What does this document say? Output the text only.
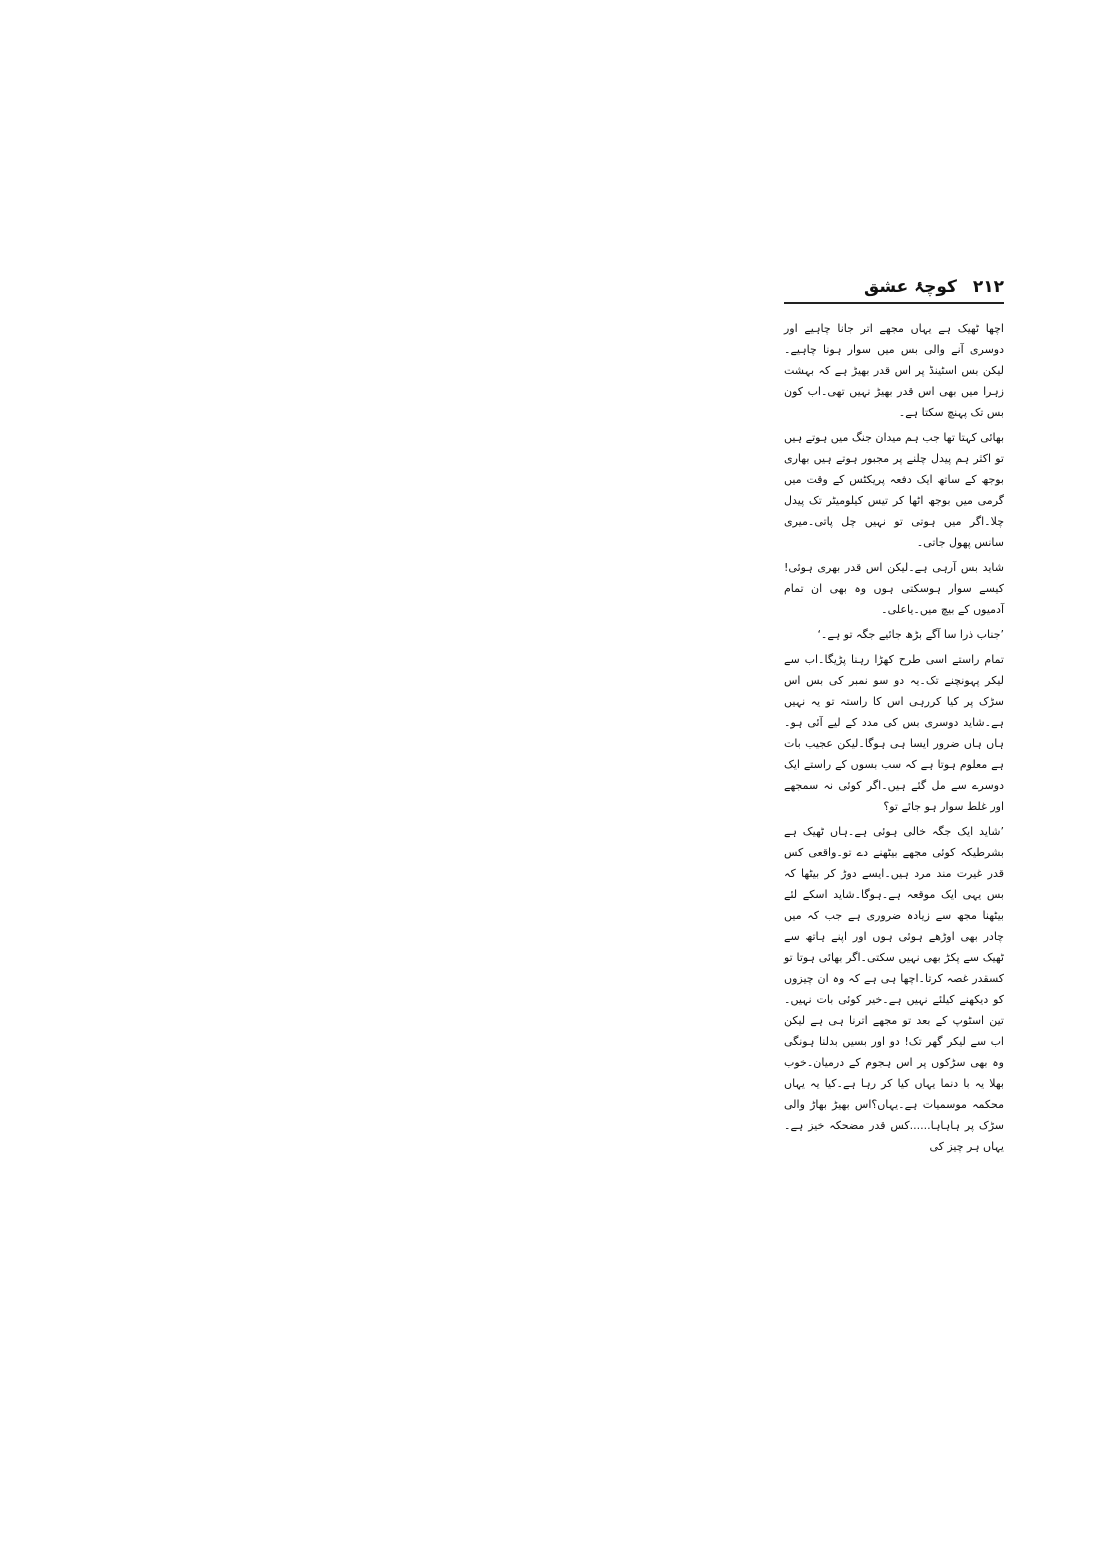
۲۱۲ کوچۂ عشق

اچھا ٹھیک ہے یہاں مجھے اتر جانا چاہیے اور دوسری آنے والی بس میں سوار ہونا چاہیے۔لیکن بس اسٹینڈ پر اس قدر بھیڑ ہے کہ بہشت زہرا میں بھی اس قدر بھیڑ نہیں تھی۔اب کون بس تک پہنچ سکتا ہے۔

بھائی کہتا تھا جب ہم میدان جنگ میں ہوتے ہیں تو اکثر ہم پیدل چلنے پر مجبور ہوتے ہیں بھاری بوجھ کے ساتھ ایک دفعہ پریکٹس کے وقت میں گرمی میں بوجھ اٹھا کر تیس کیلومیٹر تک پیدل چلا۔اگر میں ہوتی تو نہیں چل پاتی۔میری سانس پھول جاتی۔

شاید بس آرہی ہے۔لیکن اس قدر بھری ہوئی! کیسے سوار ہوسکتی ہوں وہ بھی ان تمام آدمیوں کے بیچ میں۔یاعلی۔

’جناب ذرا سا آگے بڑھ جائیے جگہ تو ہے۔‘

تمام راستے اسی طرح کھڑا رہنا پڑیگا۔اب سے لیکر پہونچنے تک۔یہ دو سو نمبر کی بس اس سڑک پر کیا کررہی اس کا راستہ تو یہ نہیں ہے۔شاید دوسری بس کی مدد کے لیے آئی ہو۔ہاں ہاں ضرور ایسا ہی ہوگا۔لیکن عجیب بات ہے معلوم ہوتا ہے کہ سب بسوں کے راستے ایک دوسرے سے مل گئے ہیں۔اگر کوئی نہ سمجھے اور غلط سوار ہو جائے تو؟

’شاید ایک جگہ خالی ہوئی ہے۔ہاں ٹھیک ہے بشرطیکہ کوئی مجھے بیٹھنے دے تو۔واقعی کس قدر غیرت مند مرد ہیں۔ایسے دوڑ کر بیٹھا کہ بس یہی ایک موقعہ ہے۔ہوگا۔شاید اسکے لئے بیٹھنا مجھ سے زیادہ ضروری ہے جب کہ میں چادر بھی اوڑھے ہوئی ہوں اور اپنے ہاتھ سے ٹھیک سے پکڑ بھی نہیں سکتی۔اگر بھائی ہوتا تو کسقدر غصہ کرتا۔اچھا ہی ہے کہ وہ ان چیزوں کو دیکھنے کیلئے نہیں ہے۔خیر کوئی بات نہیں۔تین اسٹوپ کے بعد تو مجھے اترنا ہی ہے لیکن اب سے لیکر گھر تک! دو اور بسیں بدلنا ہونگی وہ بھی سڑکوں پر اس ہجوم کے درمیان۔خوب بھلا یہ با دنما یہاں کیا کر رہا ہے۔کیا یہ یہاں محکمہ موسمیات ہے۔یہاں؟اس بھیڑ بھاڑ والی سڑک پر ہاہاہا......کس قدر مضحکہ خیز ہے۔یہاں ہر چیز کی
